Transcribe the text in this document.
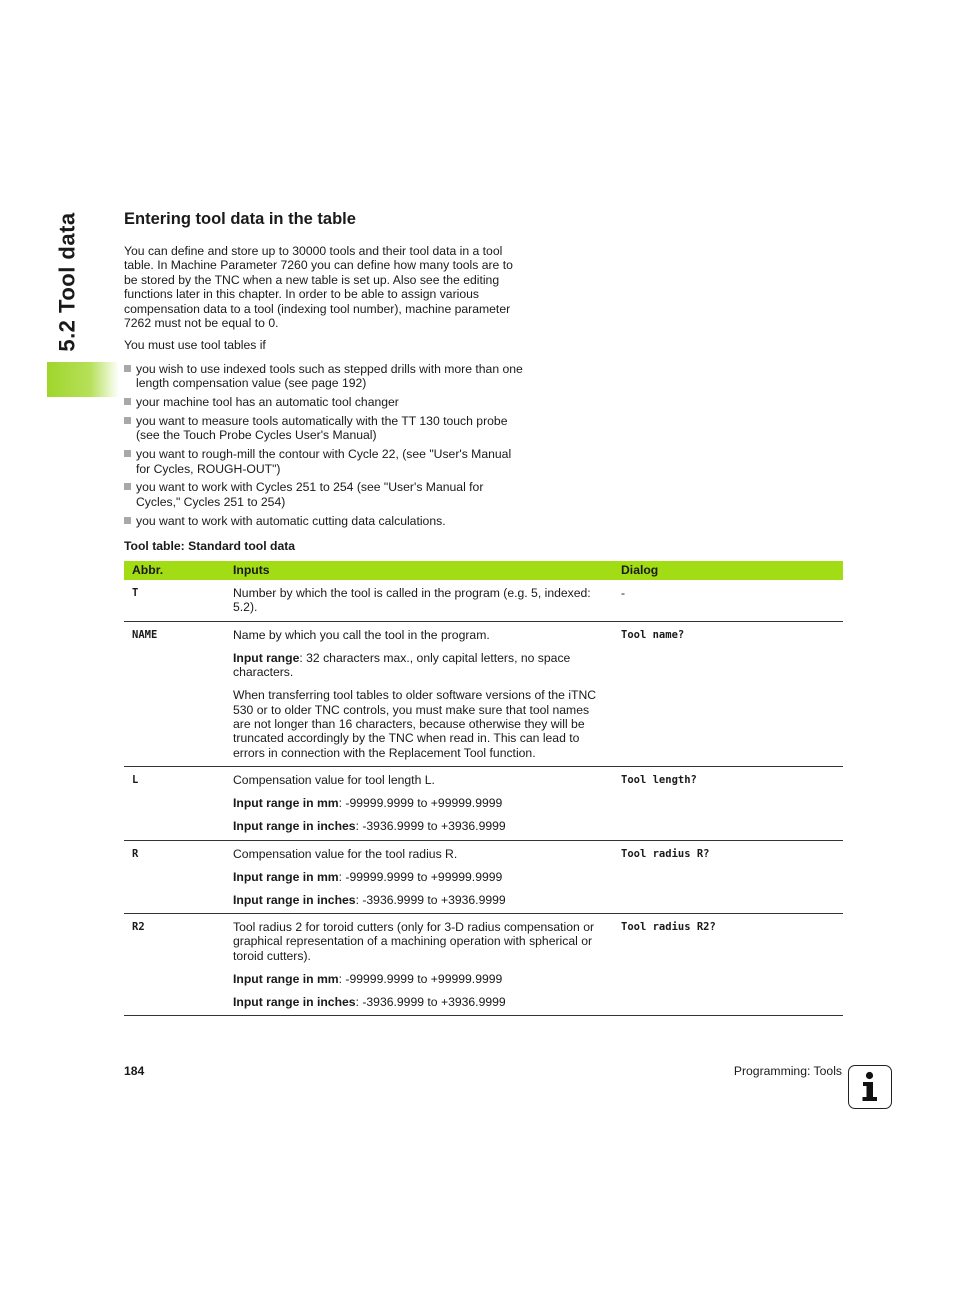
5.2 Tool data	Entering tool data in the table

You can define and store up to 30000 tools and their tool data in a tool table. In Machine Parameter 7260 you can define how many tools are to be stored by the TNC when a new table is set up. Also see the editing functions later in this chapter. In order to be able to assign various compensation data to a tool (indexing tool number), machine parameter 7262 must not be equal to 0.

You must use tool tables if

you wish to use indexed tools such as stepped drills with more than one length compensation value (see page 192)
your machine tool has an automatic tool changer
you want to measure tools automatically with the TT 130 touch probe (see the Touch Probe Cycles User's Manual)
you want to rough-mill the contour with Cycle 22, (see "User's Manual for Cycles, ROUGH-OUT")
you want to work with Cycles 251 to 254 (see "User's Manual for Cycles," Cycles 251 to 254)
you want to work with automatic cutting data calculations.

Tool table: Standard tool data

Abbr.	Inputs	Dialog
T	Number by which the tool is called in the program (e.g. 5, indexed: 5.2).	-
NAME	Name by which you call the tool in the program.

Input range: 32 characters max., only capital letters, no space characters.

When transferring tool tables to older software versions of the iTNC 530 or to older TNC controls, you must make sure that tool names are not longer than 16 characters, because otherwise they will be truncated accordingly by the TNC when read in. This can lead to errors in connection with the Replacement Tool function.	Tool name?
L	Compensation value for tool length L.

Input range in mm: -99999.9999 to +99999.9999

Input range in inches: -3936.9999 to +3936.9999	Tool length?
R	Compensation value for the tool radius R.

Input range in mm: -99999.9999 to +99999.9999

Input range in inches: -3936.9999 to +3936.9999	Tool radius R?
R2	Tool radius 2 for toroid cutters (only for 3-D radius compensation or graphical representation of a machining operation with spherical or toroid cutters).

Input range in mm: -99999.9999 to +99999.9999

Input range in inches: -3936.9999 to +3936.9999	Tool radius R2?
184	Programming: Tools
